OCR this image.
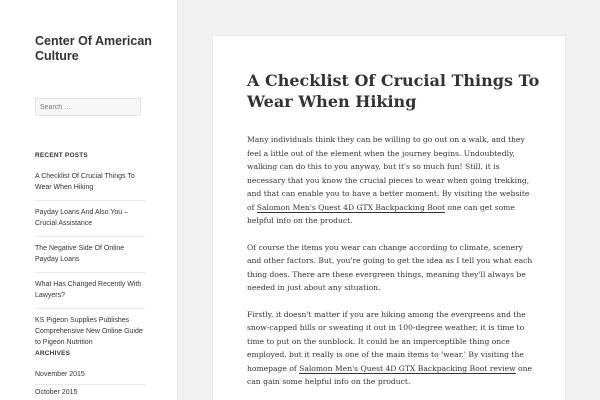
Center Of American Culture
Search …
RECENT POSTS
A Checklist Of Crucial Things To Wear When Hiking
Payday Loans And Also You – Crucial Assistance
The Negative Side Of Online Payday Loans
What Has Changed Recently With Lawyers?
KS Pigeon Supplies Publishes Comprehensive New Online Guide to Pigeon Nutrition
ARCHIVES
November 2015
October 2015
A Checklist Of Crucial Things To Wear When Hiking

Many individuals think they can be willing to go out on a walk, and they feel a little out of the element when the journey begins. Undoubtedly, walking can do this to you anyway, but it's so much fun! Still, it is necessary that you know the crucial pieces to wear when going trekking, and that can enable you to have a better moment. By visiting the website of Salomon Men's Quest 4D GTX Backpacking Boot one can get some helpful info on the product.

Of course the items you wear can change according to climate, scenery and other factors. But, you're going to get the idea as I tell you what each thing does. There are these evergreen things, meaning they'll always be needed in just about any situation.

Firstly, it doesn't matter if you are hiking among the evergreens and the snow-capped hills or sweating it out in 100-degree weather, it is time to time to put on the sunblock. It could be an imperceptible thing once employed, but it really is one of the main items to 'wear.' By visiting the homepage of Salomon Men's Quest 4D GTX Backpacking Boot review one can gain some helpful info on the product.
